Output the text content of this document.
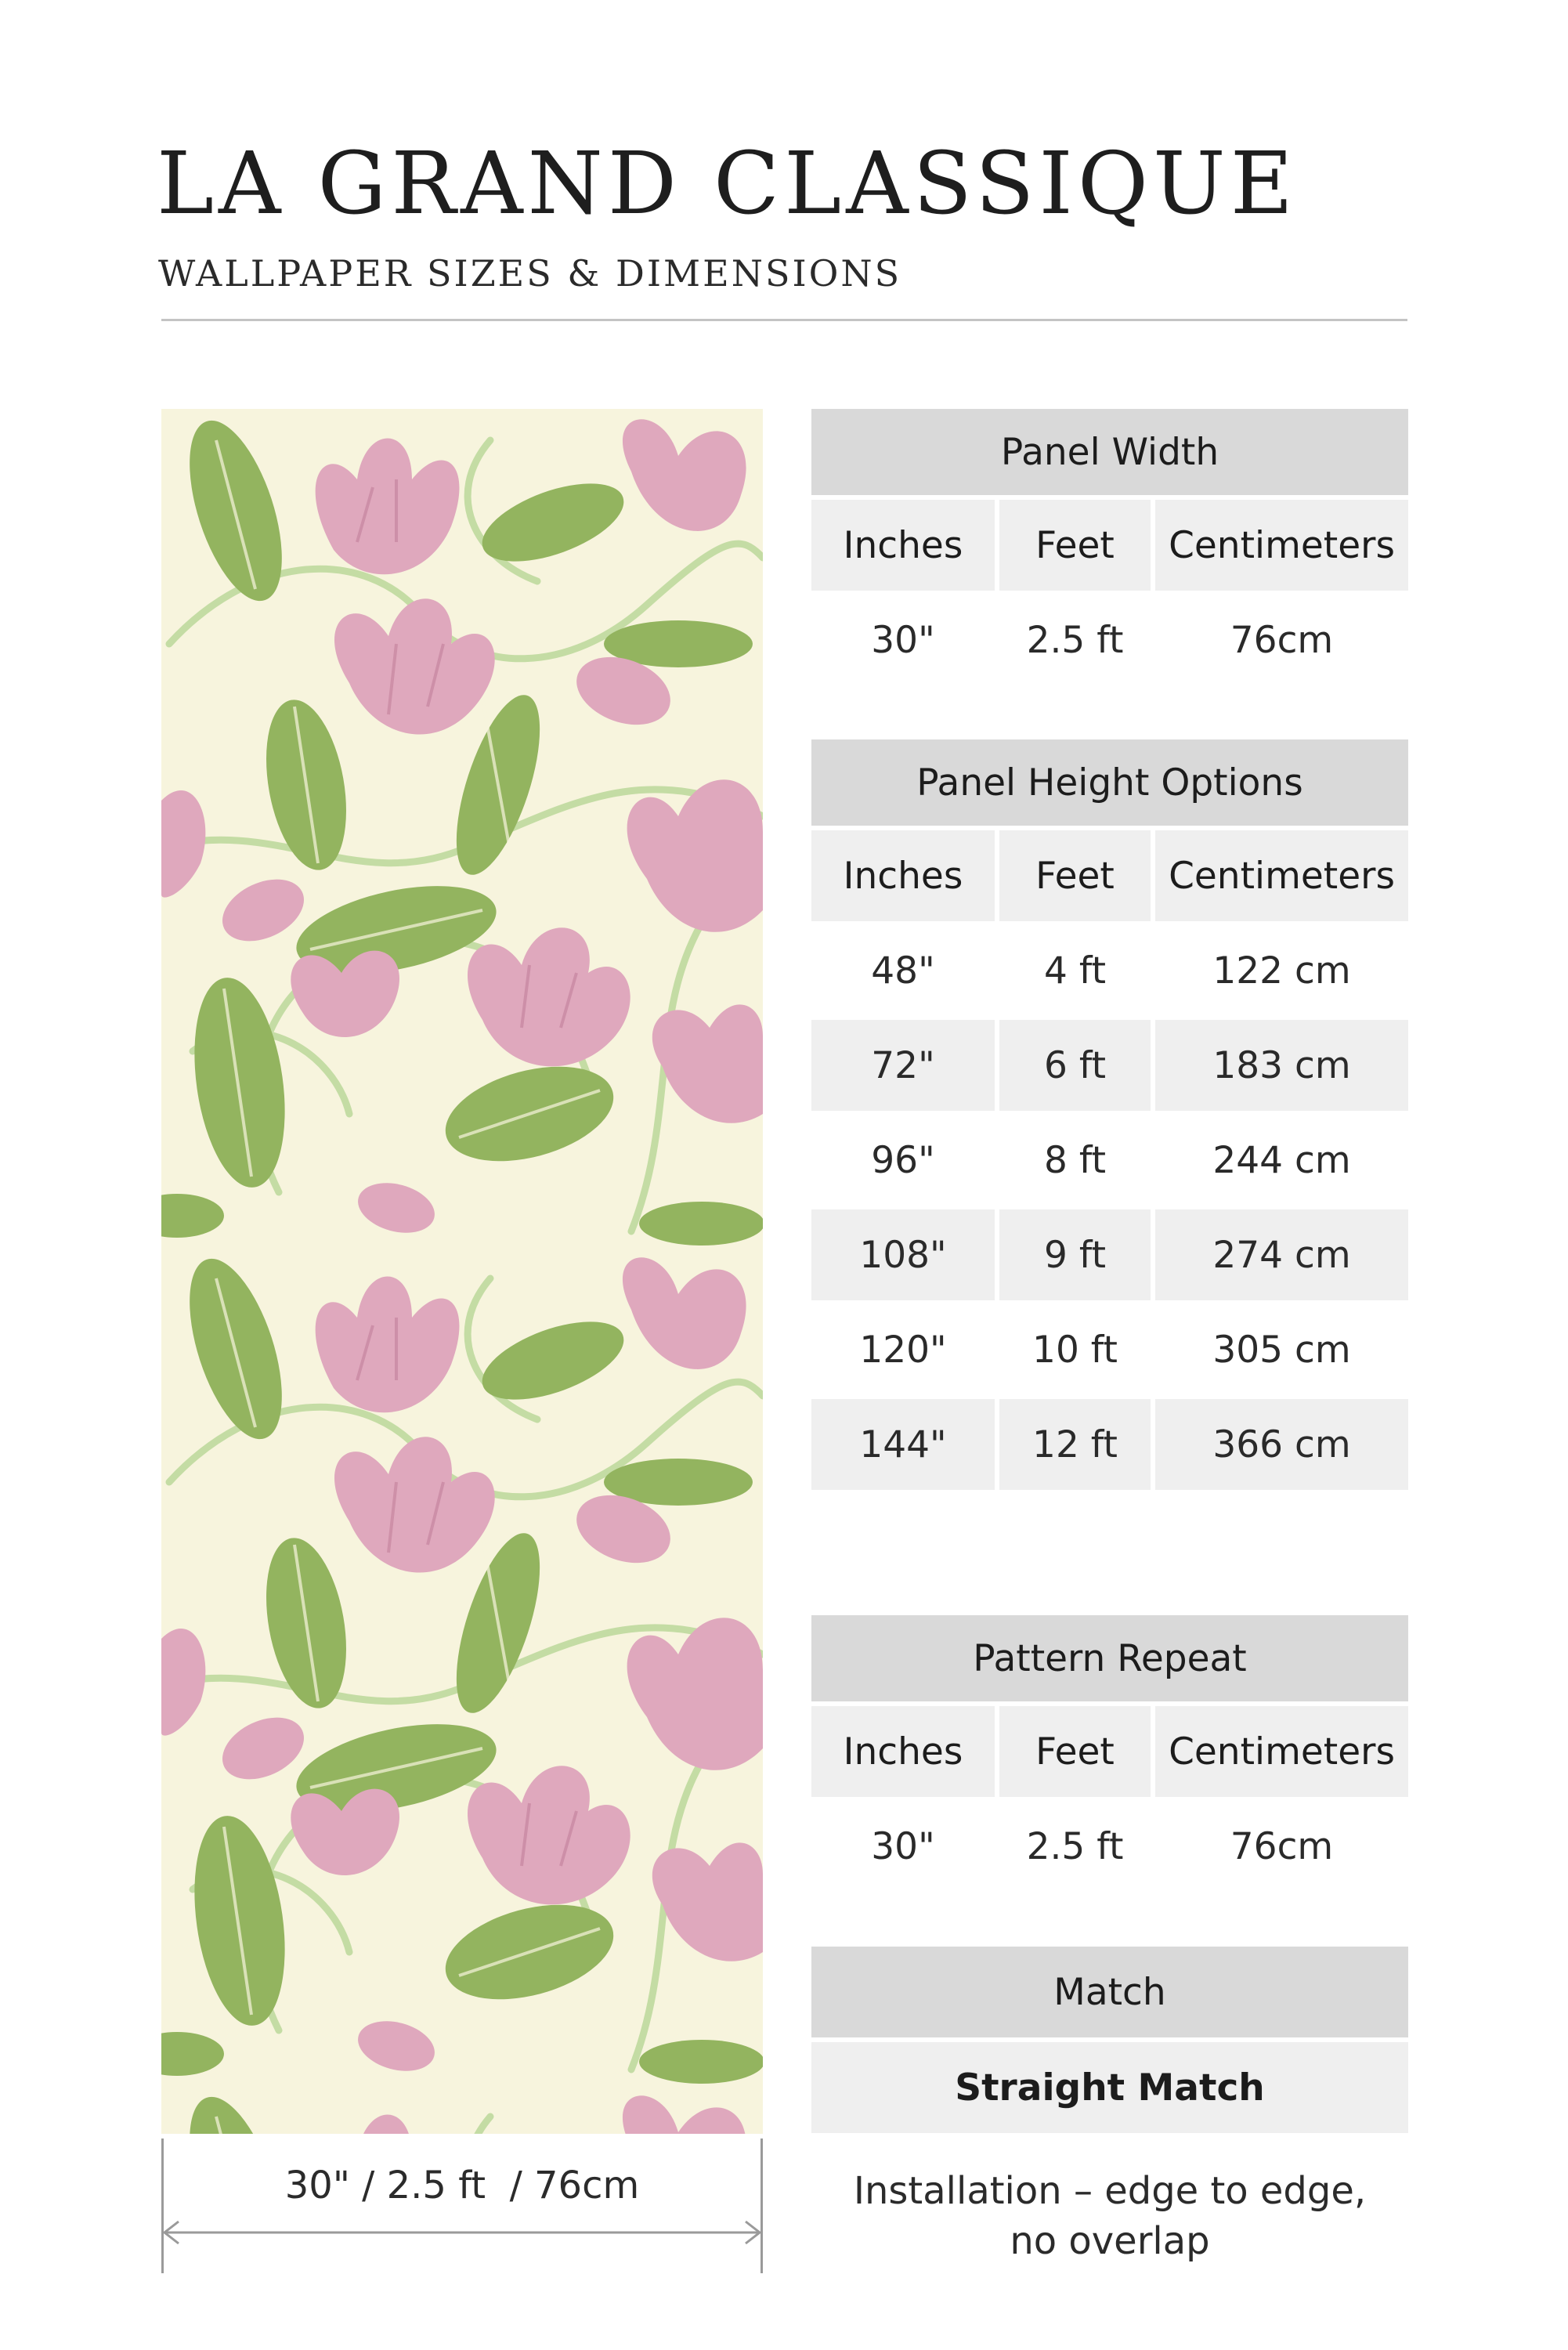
LA GRAND CLASSIQUE
WALLPAPER SIZES & DIMENSIONS
30" / 2.5 ft  / 76cm
Panel Width
Inches	Feet	Centimeters
30"	2.5 ft	76cm
Panel Height Options
Inches	Feet	Centimeters
48"	4 ft	122 cm
72"	6 ft	183 cm
96"	8 ft	244 cm
108"	9 ft	274 cm
120"	10 ft	305 cm
144"	12 ft	366 cm
Pattern Repeat
Inches	Feet	Centimeters
30"	2.5 ft	76cm
Match
Straight Match
Installation – edge to edge,
no overlap
